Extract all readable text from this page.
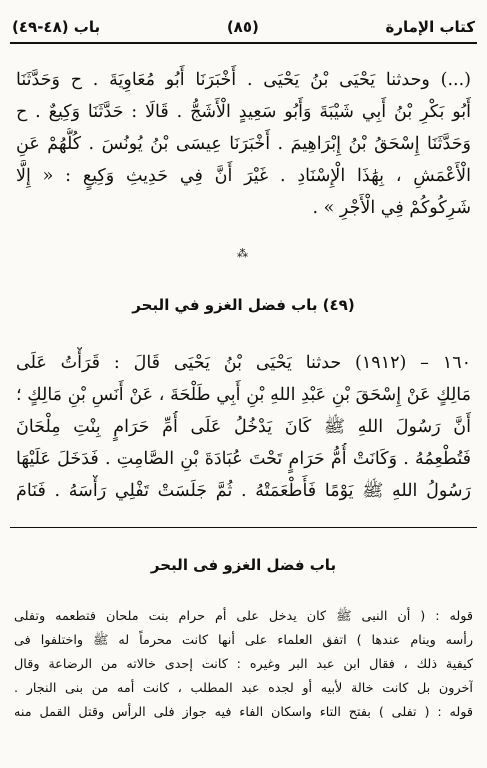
كتاب الإمارة
(٨٥)
باب (٤٨-٤٩)
(...) وحدثنا يَحْيَى بْنُ يَحْيَى . أَخْبَرَنَا أَبُو مُعَاوِيَةَ . ح وَحَدَّثَنَا
أَبُو بَكْرِ بْنُ أَبِي شَيْبَةَ وَأَبُو سَعِيدٍ الْأَشَجُّ . قَالَا : حَدَّثَنَا وَكِيعٌ . ح
وَحَدَّثَنَا إِسْحَقُ بْنُ إِبْرَاهِيمَ . أَخْبَرَنَا عِيسَى بْنُ يُونُسَ . كُلُّهُمْ عَنِ
الْأَعْمَشِ ، بِهَٰذَا الْإِسْنَادِ . غَيْرَ أَنَّ فِي حَدِيثِ وَكِيعٍ : « إِلَّا
شَرِكُوكُمْ فِي الْأَجْرِ » .
⁂
(٤٩) باب فضل الغزو في البحر
١٦٠ – (١٩١٢) حدثنا يَحْيَى بْنُ يَحْيَى قَالَ : قَرَأْتُ عَلَى
مَالِكٍ عَنْ إِسْحَقَ بْنِ عَبْدِ اللهِ بْنِ أَبِي طَلْحَةَ ، عَنْ أَنَسِ بْنِ مَالِكٍ ؛
أَنَّ رَسُولَ اللهِ ﷺ كَانَ يَدْخُلُ عَلَى أُمِّ حَرَامٍ بِنْتِ مِلْحَانَ
فَتُطْعِمُهُ . وَكَانَتْ أُمُّ حَرَامٍ تَحْتَ عُبَادَةَ بْنِ الصَّامِتِ . فَدَخَلَ عَلَيْهَا
رَسُولُ اللهِ ﷺ يَوْمًا فَأَطْعَمَتْهُ . ثُمَّ جَلَسَتْ تَفْلِي رَأْسَهُ . فَنَامَ
باب فضل الغزو فى البحر
قوله : ( أن النبى ﷺ كان يدخل على أم حرام بنت ملحان فتطعمه وتفلى
رأسه وينام عندها ) اتفق العلماء على أنها كانت محرماً له ﷺ واختلفوا فى
كيفية ذلك ، فقال ابن عبد البر وغيره : كانت إحدى خالاته من الرضاعة وقال
آخرون بل كانت خالة لأبيه أو لجده عبد المطلب ، كانت أمه من بنى النجار .
قوله : ( تفلى ) بفتح التاء واسكان الفاء فيه جواز فلى الرأس وقتل القمل منه
